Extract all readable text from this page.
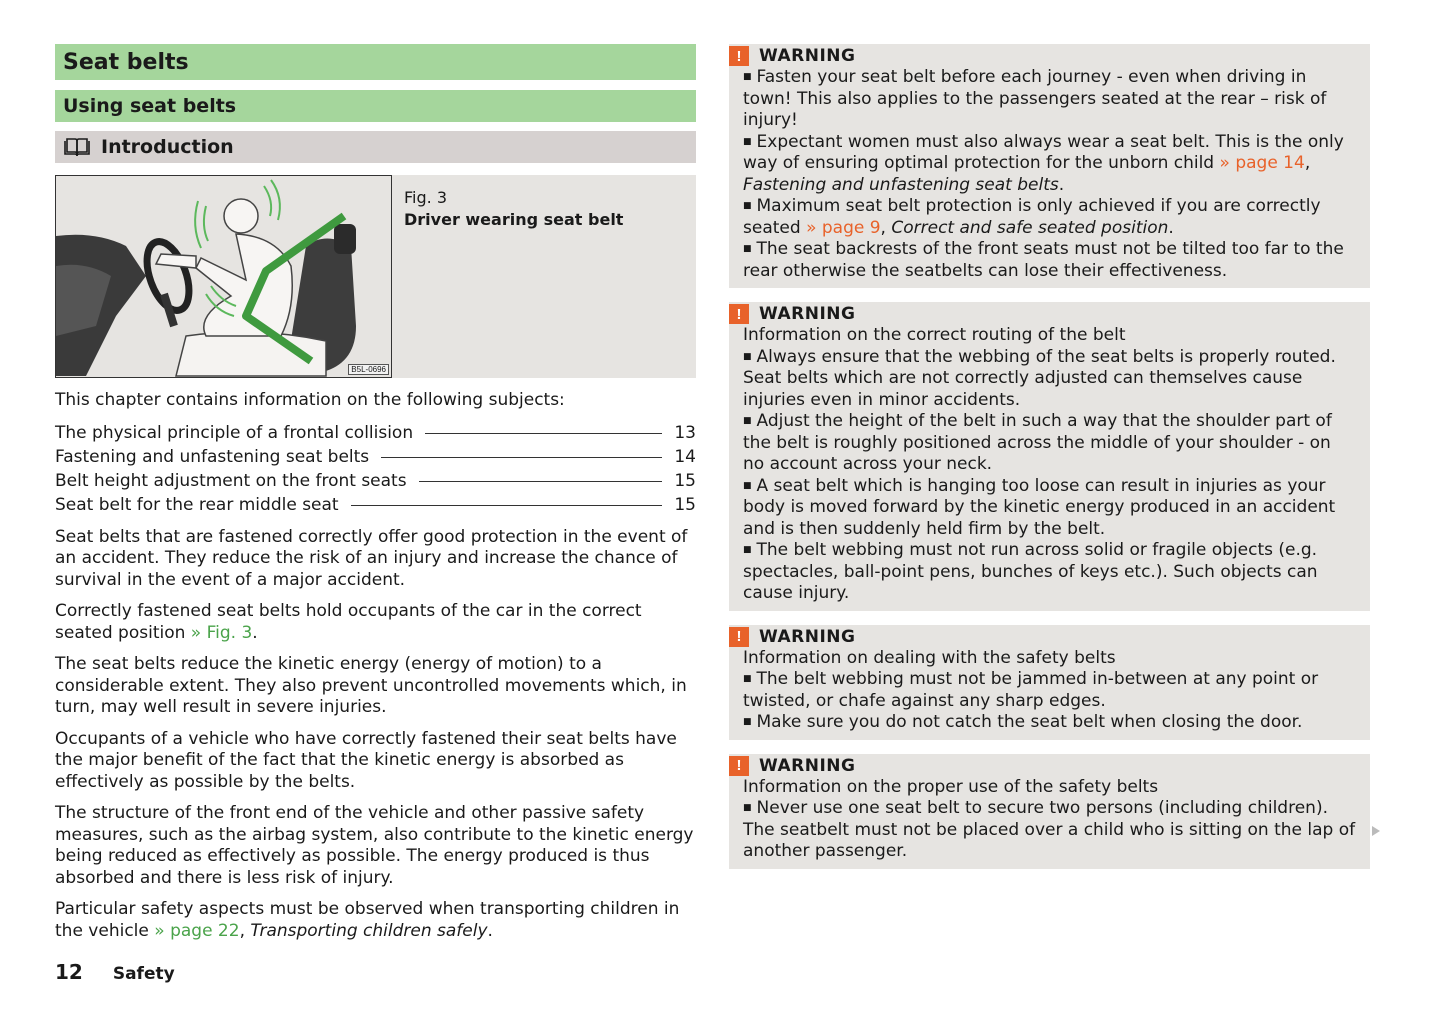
Seat belts
Using seat belts
Introduction
B5L-0696
Fig. 3
Driver wearing seat belt

This chapter contains information on the following subjects:

The physical principle of a frontal collision	13
Fastening and unfastening seat belts	14
Belt height adjustment on the front seats	15
Seat belt for the rear middle seat	15

Seat belts that are fastened correctly offer good protection in the event of an accident. They reduce the risk of an injury and increase the chance of survival in the event of a major accident.

Correctly fastened seat belts hold occupants of the car in the correct seated position » Fig. 3.

The seat belts reduce the kinetic energy (energy of motion) to a considerable extent. They also prevent uncontrolled movements which, in turn, may well result in severe injuries.

Occupants of a vehicle who have correctly fastened their seat belts have the major benefit of the fact that the kinetic energy is absorbed as effectively as possible by the belts.

The structure of the front end of the vehicle and other passive safety measures, such as the airbag system, also contribute to the kinetic energy being reduced as effectively as possible. The energy produced is thus absorbed and there is less risk of injury.

Particular safety aspects must be observed when transporting children in the vehicle » page 22, Transporting children safely.

12 Safety
!	WARNING

■ Fasten your seat belt before each journey - even when driving in town! This also applies to the passengers seated at the rear – risk of injury!

■ Expectant women must also always wear a seat belt. This is the only way of ensuring optimal protection for the unborn child » page 14, Fastening and unfastening seat belts.

■ Maximum seat belt protection is only achieved if you are correctly seated » page 9, Correct and safe seated position.

■ The seat backrests of the front seats must not be tilted too far to the rear otherwise the seatbelts can lose their effectiveness.

!	WARNING

Information on the correct routing of the belt

■ Always ensure that the webbing of the seat belts is properly routed. Seat belts which are not correctly adjusted can themselves cause injuries even in minor accidents.

■ Adjust the height of the belt in such a way that the shoulder part of the belt is roughly positioned across the middle of your shoulder - on no account across your neck.

■ A seat belt which is hanging too loose can result in injuries as your body is moved forward by the kinetic energy produced in an accident and is then suddenly held firm by the belt.

■ The belt webbing must not run across solid or fragile objects (e.g. spectacles, ball-point pens, bunches of keys etc.). Such objects can cause injury.

!	WARNING

Information on dealing with the safety belts

■ The belt webbing must not be jammed in-between at any point or twisted, or chafe against any sharp edges.

■ Make sure you do not catch the seat belt when closing the door.

!	WARNING

Information on the proper use of the safety belts

■ Never use one seat belt to secure two persons (including children). The seatbelt must not be placed over a child who is sitting on the lap of another passenger.
